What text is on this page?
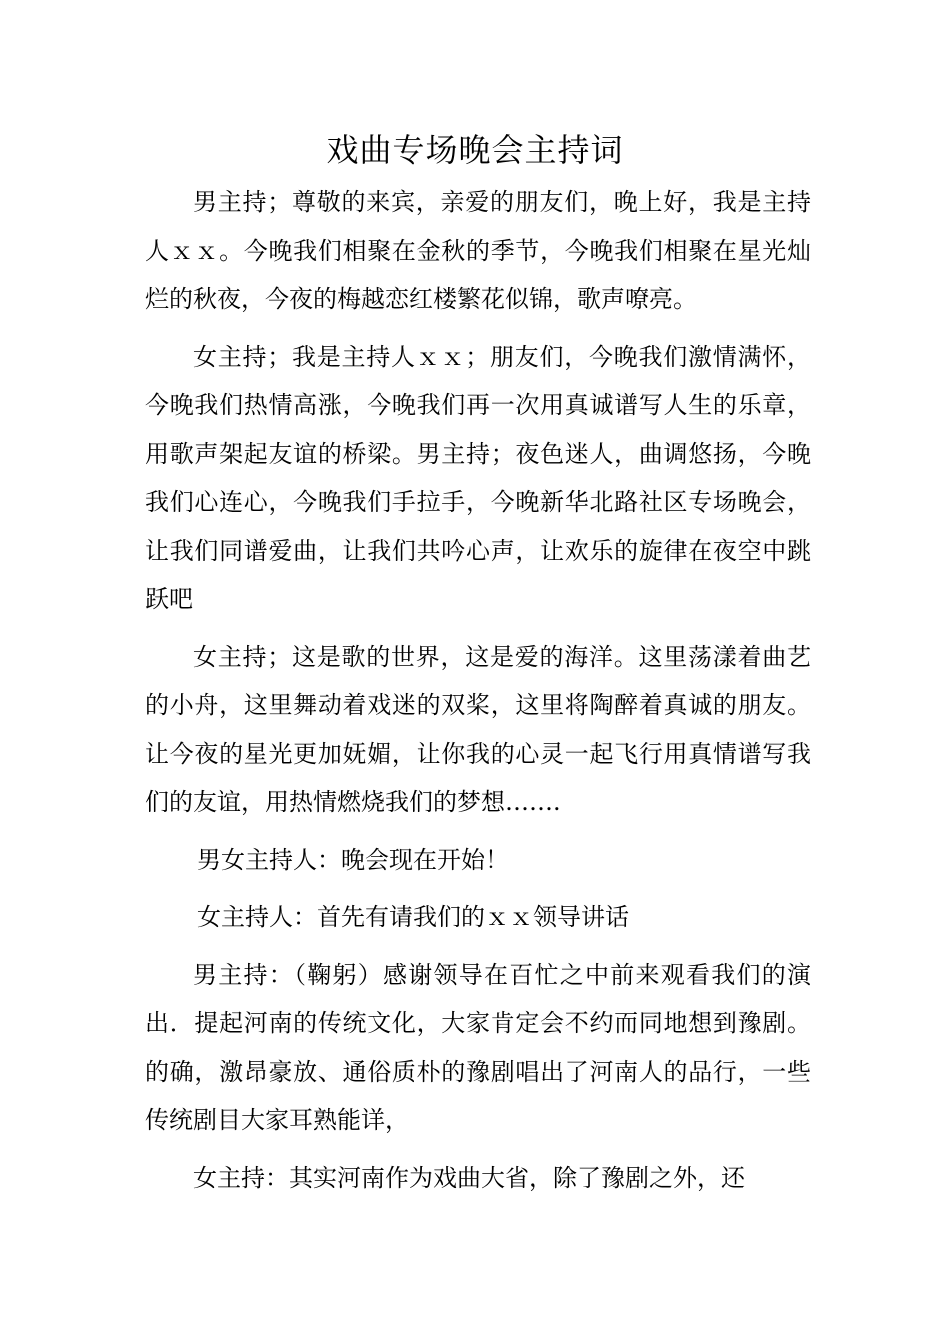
戏曲专场晚会主持词

男主持；尊敬的来宾，亲爱的朋友们，晚上好，我是主持人ｘｘ。今晚我们相聚在金秋的季节，今晚我们相聚在星光灿烂的秋夜，今夜的梅越恋红楼繁花似锦，歌声嘹亮。

女主持；我是主持人ｘｘ；朋友们，今晚我们激情满怀，今晚我们热情高涨，今晚我们再一次用真诚谱写人生的乐章，用歌声架起友谊的桥梁。男主持；夜色迷人，曲调悠扬，今晚我们心连心，今晚我们手拉手，今晚新华北路社区专场晚会，让我们同谱爱曲，让我们共吟心声，让欢乐的旋律在夜空中跳跃吧

女主持；这是歌的世界，这是爱的海洋。这里荡漾着曲艺的小舟，这里舞动着戏迷的双桨，这里将陶醉着真诚的朋友。让今夜的星光更加妩媚，让你我的心灵一起飞行用真情谱写我们的友谊，用热情燃烧我们的梦想…….

男女主持人：晚会现在开始！

女主持人：首先有请我们的ｘｘ领导讲话

男主持：（鞠躬）感谢领导在百忙之中前来观看我们的演出．提起河南的传统文化，大家肯定会不约而同地想到豫剧。的确，激昂豪放、通俗质朴的豫剧唱出了河南人的品行，一些传统剧目大家耳熟能详，

女主持：其实河南作为戏曲大省，除了豫剧之外，还
